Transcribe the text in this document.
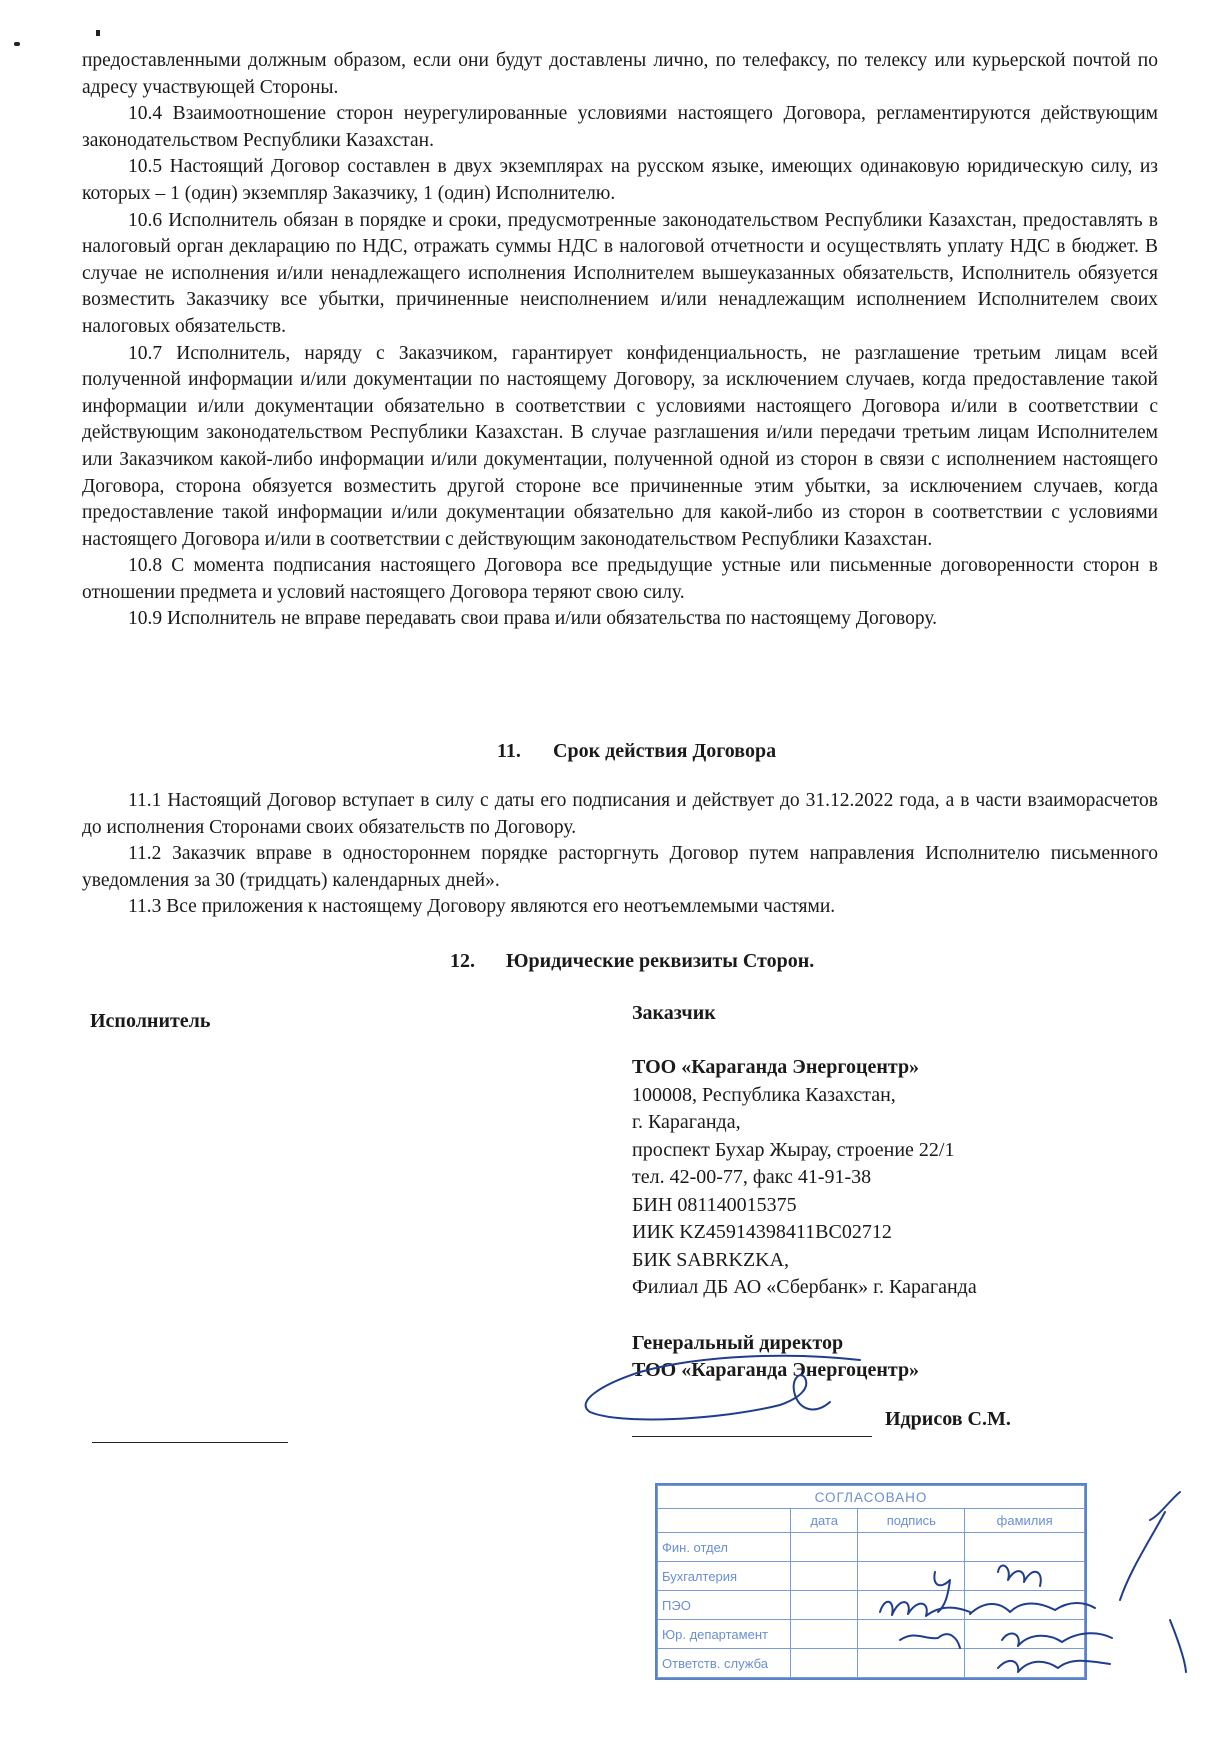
предоставленными должным образом, если они будут доставлены лично, по телефаксу, по телексу или курьерской почтой по адресу участвующей Стороны.

10.4 Взаимоотношение сторон неурегулированные условиями настоящего Договора, регламентируются действующим законодательством Республики Казахстан.

10.5 Настоящий Договор составлен в двух экземплярах на русском языке, имеющих одинаковую юридическую силу, из которых – 1 (один) экземпляр Заказчику, 1 (один) Исполнителю.

10.6 Исполнитель обязан в порядке и сроки, предусмотренные законодательством Республики Казахстан, предоставлять в налоговый орган декларацию по НДС, отражать суммы НДС в налоговой отчетности и осуществлять уплату НДС в бюджет. В случае не исполнения и/или ненадлежащего исполнения Исполнителем вышеуказанных обязательств, Исполнитель обязуется возместить Заказчику все убытки, причиненные неисполнением и/или ненадлежащим исполнением Исполнителем своих налоговых обязательств.

10.7 Исполнитель, наряду с Заказчиком, гарантирует конфиденциальность, не разглашение третьим лицам всей полученной информации и/или документации по настоящему Договору, за исключением случаев, когда предоставление такой информации и/или документации обязательно в соответствии с условиями настоящего Договора и/или в соответствии с действующим законодательством Республики Казахстан. В случае разглашения и/или передачи третьим лицам Исполнителем или Заказчиком какой-либо информации и/или документации, полученной одной из сторон в связи с исполнением настоящего Договора, сторона обязуется возместить другой стороне все причиненные этим убытки, за исключением случаев, когда предоставление такой информации и/или документации обязательно для какой-либо из сторон в соответствии с условиями настоящего Договора и/или в соответствии с действующим законодательством Республики Казахстан.

10.8 С момента подписания настоящего Договора все предыдущие устные или письменные договоренности сторон в отношении предмета и условий настоящего Договора теряют свою силу.

10.9 Исполнитель не вправе передавать свои права и/или обязательства по настоящему Договору.

11. Срок действия Договора

11.1 Настоящий Договор вступает в силу с даты его подписания и действует до 31.12.2022 года, а в части взаиморасчетов до исполнения Сторонами своих обязательств по Договору.

11.2 Заказчик вправе в одностороннем порядке расторгнуть Договор путем направления Исполнителю письменного уведомления за 30 (тридцать) календарных дней».

11.3 Все приложения к настоящему Договору являются его неотъемлемыми частями.

12. Юридические реквизиты Сторон.
Исполнитель	Заказчик
ТОО «Караганда Энергоцентр»
100008, Республика Казахстан,
г. Караганда,
проспект Бухар Жырау, строение 22/1
тел. 42-00-77, факс 41-91-38
БИН 081140015375
ИИК KZ45914398411BC02712
БИК SABRKZKA,
Филиал ДБ АО «Сбербанк» г. Караганда
Генеральный директор
ТОО «Караганда Энергоцентр»
Идрисов С.М.
СОГЛАСОВАНО			
	дата	подпись	фамилия
Фин. отдел			
Бухгалтерия			
ПЭО			
Юр. департамент			
Ответств. служба			
